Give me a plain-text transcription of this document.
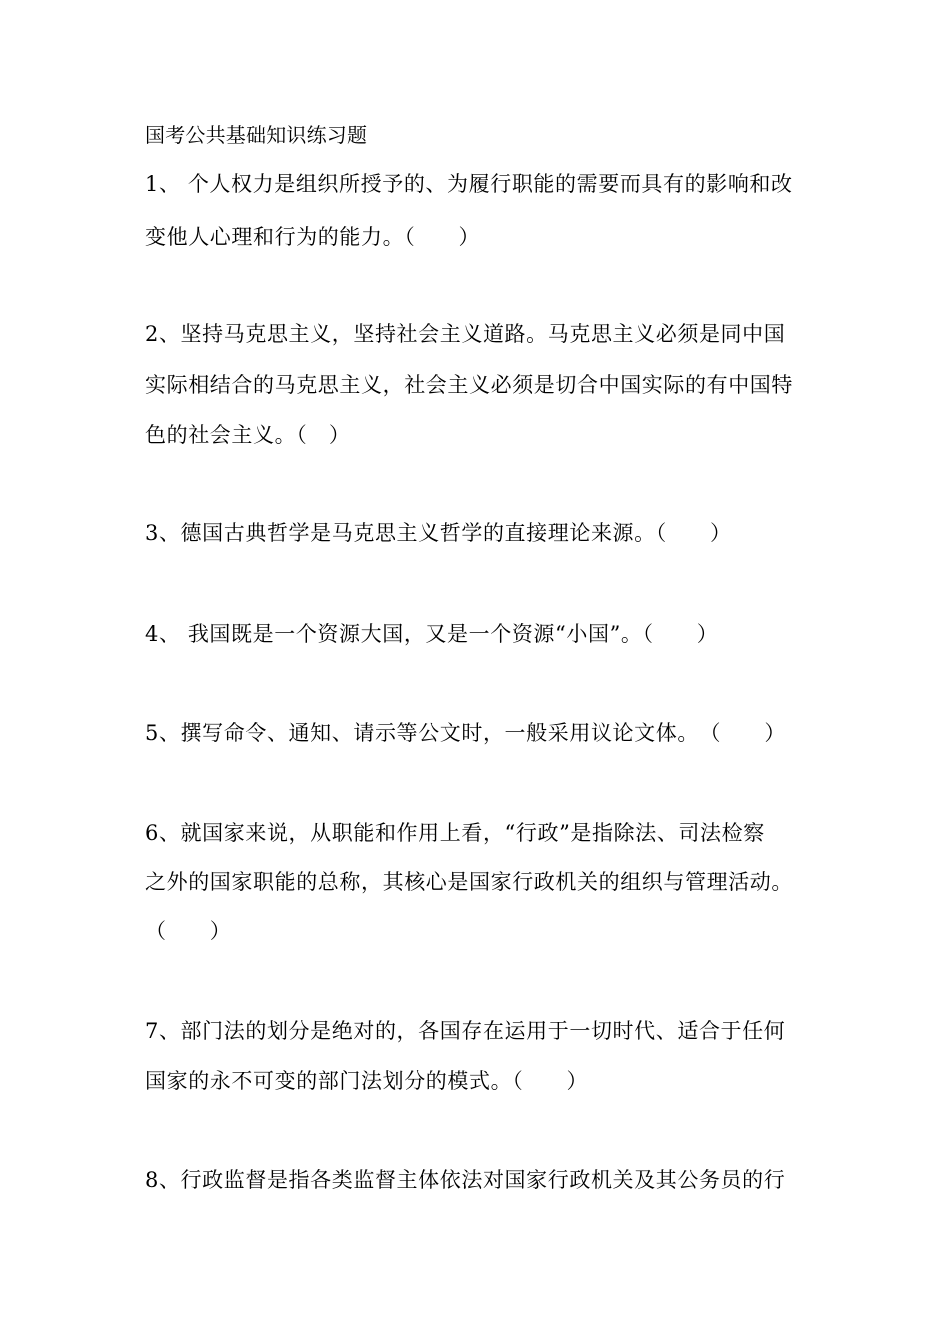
国考公共基础知识练习题
1、 个人权力是组织所授予的、为履行职能的需要而具有的影响和改
变他人心理和行为的能力。（　　）
2、坚持马克思主义，坚持社会主义道路。马克思主义必须是同中国
实际相结合的马克思主义，社会主义必须是切合中国实际的有中国特
色的社会主义。（　）
3、德国古典哲学是马克思主义哲学的直接理论来源。（　　）
4、 我国既是一个资源大国，又是一个资源“小国”。（　　）
5、撰写命令、通知、请示等公文时，一般采用议论文体。　（　　）
6、就国家来说，从职能和作用上看，“行政”是指除法、司法检察
之外的国家职能的总称，其核心是国家行政机关的组织与管理活动。
（　　）
7、部门法的划分是绝对的，各国存在运用于一切时代、适合于任何
国家的永不可变的部门法划分的模式。（　　）
8、行政监督是指各类监督主体依法对国家行政机关及其公务员的行
